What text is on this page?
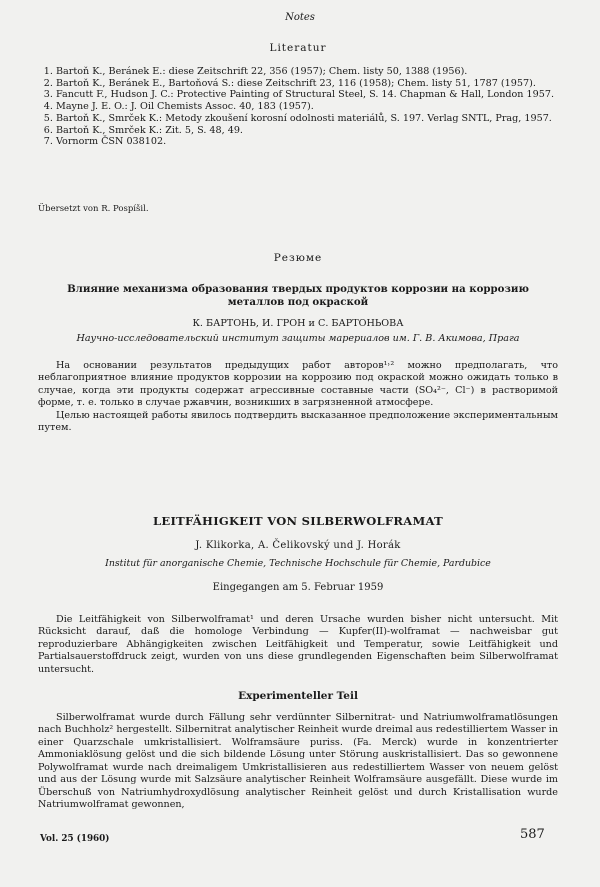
Notes
Literatur
1. Bartoň K., Beránek E.: diese Zeitschrift 22, 356 (1957); Chem. listy 50, 1388 (1956).
2. Bartoň K., Beránek E., Bartoňová S.: diese Zeitschrift 23, 116 (1958); Chem. listy 51, 1787 (1957).
3. Fancutt F., Hudson J. C.: Protective Painting of Structural Steel, S. 14. Chapman & Hall, London 1957.
4. Mayne J. E. O.: J. Oil Chemists Assoc. 40, 183 (1957).
5. Bartoň K., Smrček K.: Metody zkoušení korosní odolnosti materiálů, S. 197. Verlag SNTL, Prag, 1957.
6. Bartoň K., Smrček K.: Zit. 5, S. 48, 49.
7. Vornorm ČSN 038102.
Übersetzt von R. Pospíšil.
Резюме
Влияние механизма образования твердых продуктов коррозии на коррозию металлов под окраской
К. БАРТОНЬ, И. ГРОН и С. БАРТОНЬОВА
Научно-исследовательский институт защиты марериалов им. Г. В. Акимова, Прага

На основании результатов предыдущих работ авторов¹˒² можно предполагать, что неблагоприятное влияние продуктов коррозии на коррозию под окраской можно ожидать только в случае, когда эти продукты содержат агрессивные составные части (SO₄²⁻, Cl⁻) в растворимой форме, т. е. только в случае ржавчин, возникших в загрязненной атмосфере.

Целью настоящей работы явилось подтвердить высказанное предположение экспериментальным путем.

LEITFÄHIGKEIT VON SILBERWOLFRAMAT
J. Klikorka, A. Čelikovský und J. Horák
Institut für anorganische Chemie, Technische Hochschule für Chemie, Pardubice
Eingegangen am 5. Februar 1959

Die Leitfähigkeit von Silberwolframat¹ und deren Ursache wurden bisher nicht untersucht. Mit Rücksicht darauf, daß die homologe Verbindung — Kupfer(II)-wolframat — nachweisbar gut reproduzierbare Abhängigkeiten zwischen Leitfähigkeit und Temperatur, sowie Leitfähigkeit und Partialsauerstoffdruck zeigt, wurden von uns diese grundlegenden Eigenschaften beim Silberwolframat untersucht.

Experimenteller Teil

Silberwolframat wurde durch Fällung sehr verdünnter Silbernitrat- und Natriumwolframatlösungen nach Buchholz² hergestellt. Silbernitrat analytischer Reinheit wurde dreimal aus redestilliertem Wasser in einer Quarzschale umkristallisiert. Wolframsäure puriss. (Fa. Merck) wurde in konzentrierter Ammoniaklösung gelöst und die sich bildende Lösung unter Störung auskristallisiert. Das so gewonnene Polywolframat wurde nach dreimaligem Umkristallisieren aus redestilliertem Wasser von neuem gelöst und aus der Lösung wurde mit Salzsäure analytischer Reinheit Wolframsäure ausgefällt. Diese wurde im Überschuß von Natriumhydroxydlösung analytischer Reinheit gelöst und durch Kristallisation wurde Natriumwolframat gewonnen,

Vol. 25 (1960)	587
